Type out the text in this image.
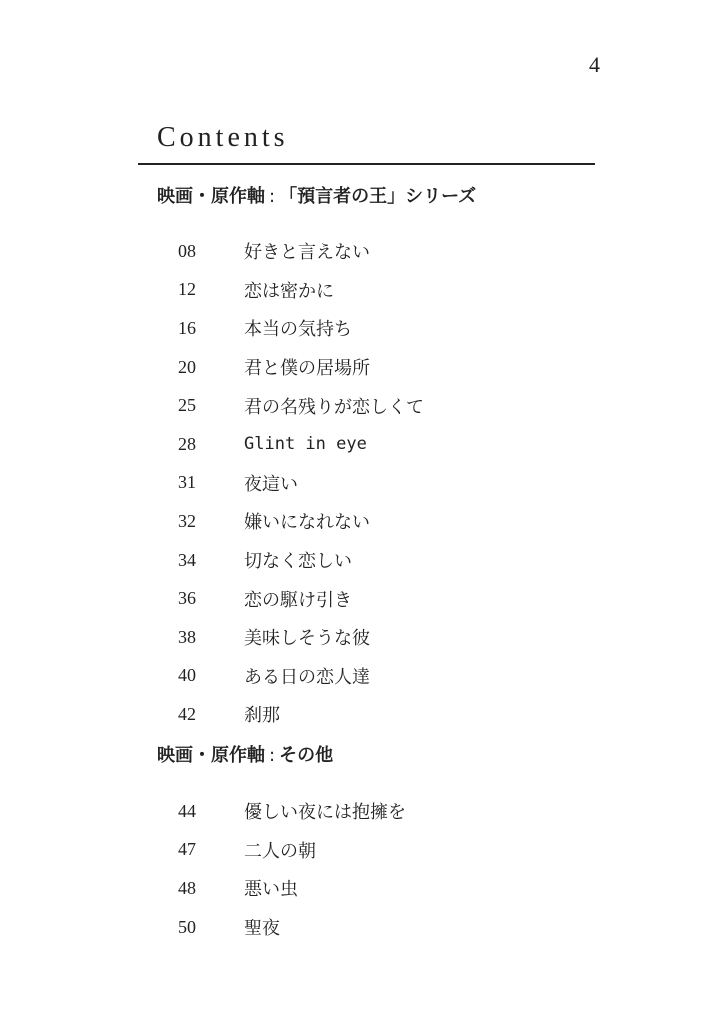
4
Contents
映画・原作軸 : 「預言者の王」シリーズ
08	好きと言えない
12	恋は密かに
16	本当の気持ち
20	君と僕の居場所
25	君の名残りが恋しくて
28	Glint in eye
31	夜這い
32	嫌いになれない
34	切なく恋しい
36	恋の駆け引き
38	美味しそうな彼
40	ある日の恋人達
42	刹那
映画・原作軸 : その他
44	優しい夜には抱擁を
47	二人の朝
48	悪い虫
50	聖夜
